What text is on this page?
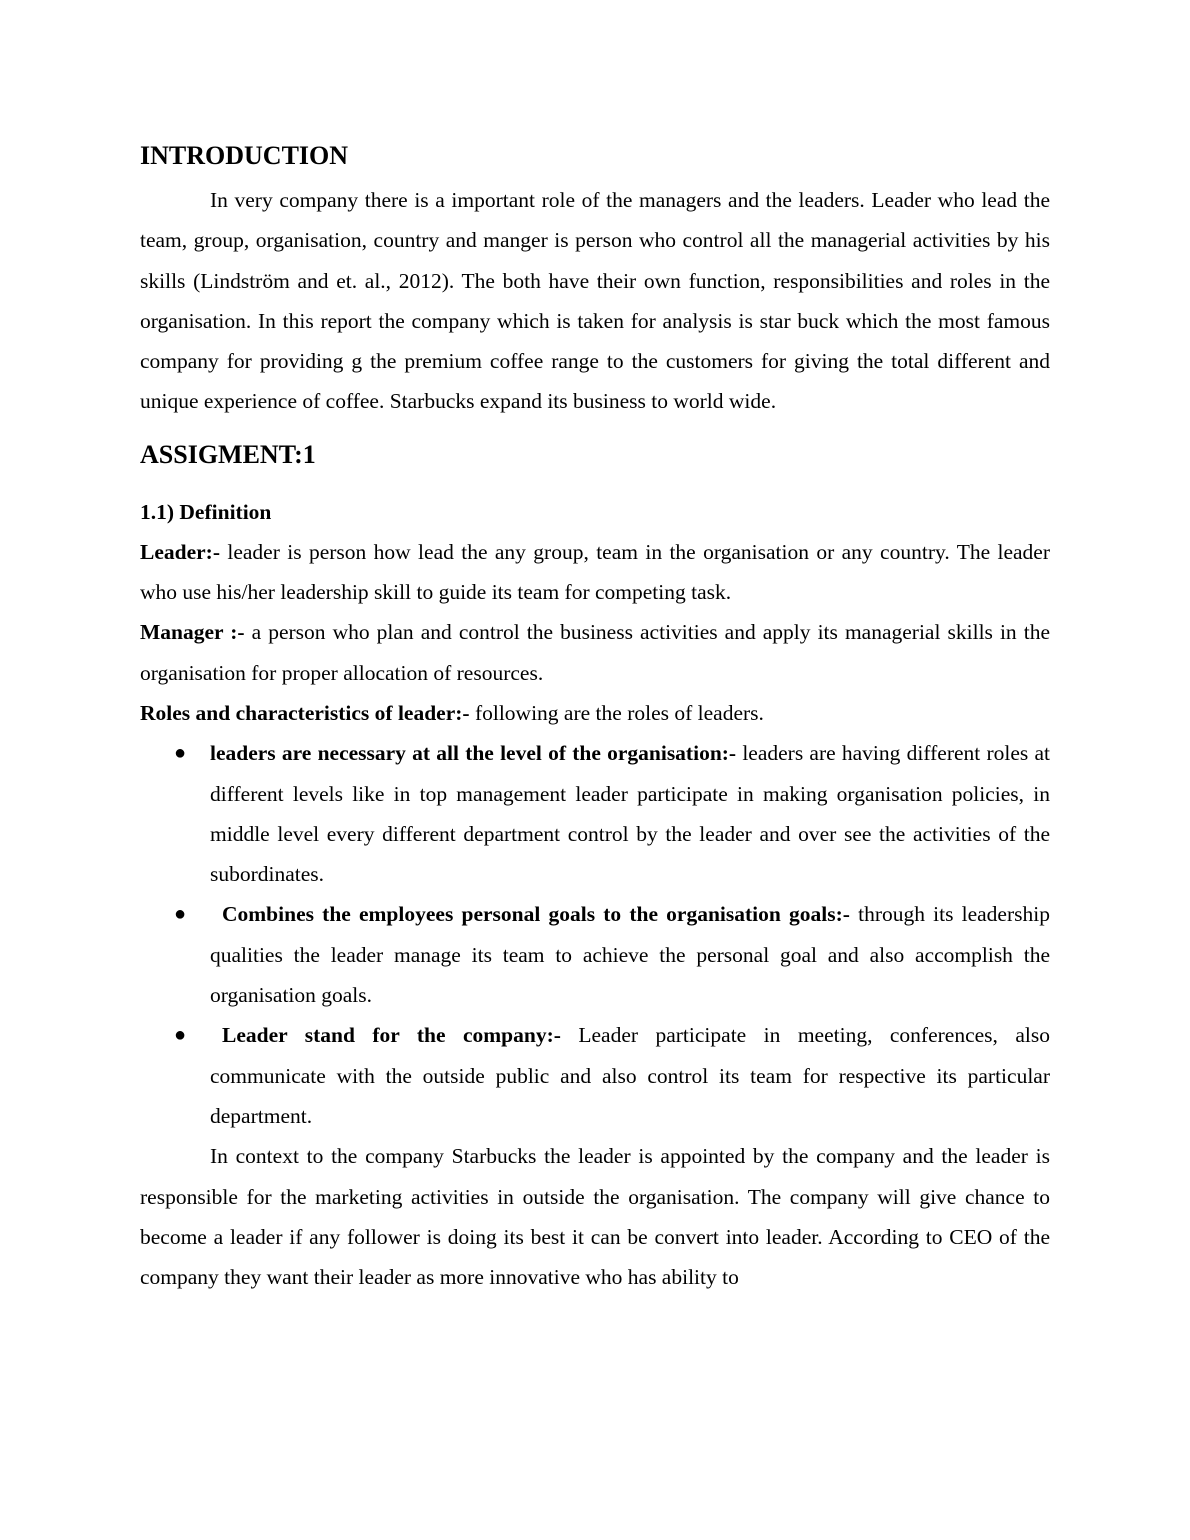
INTRODUCTION

In very company there is a important role of the managers and the leaders. Leader who lead the team, group, organisation, country and manger is person who control all the managerial activities by his skills (Lindström and et. al., 2012). The both have their own function, responsibilities and roles in the organisation. In this report the company which is taken for analysis is star buck which the most famous company for providing g the premium coffee range to the customers for giving the total different and unique experience of coffee. Starbucks expand its business to world wide.

ASSIGMENT:1
1.1) Definition

Leader:- leader is person how lead the any group, team in the organisation or any country. The leader who use his/her leadership skill to guide its team for competing task.

Manager :- a person who plan and control the business activities and apply its managerial skills in the organisation for proper allocation of resources.

Roles and characteristics of leader:- following are the roles of leaders.

● leaders are necessary at all the level of the organisation:- leaders are having different roles at different levels like in top management leader participate in making organisation policies, in middle level every different department control by the leader and over see the activities of the subordinates.
● Combines the employees personal goals to the organisation goals:- through its leadership qualities the leader manage its team to achieve the personal goal and also accomplish the organisation goals.
● Leader stand for the company:- Leader participate in meeting, conferences, also communicate with the outside public and also control its team for respective its particular department.

In context to the company Starbucks the leader is appointed by the company and the leader is responsible for the marketing activities in outside the organisation. The company will give chance to become a leader if any follower is doing its best it can be convert into leader. According to CEO of the company they want their leader as more innovative who has ability to
